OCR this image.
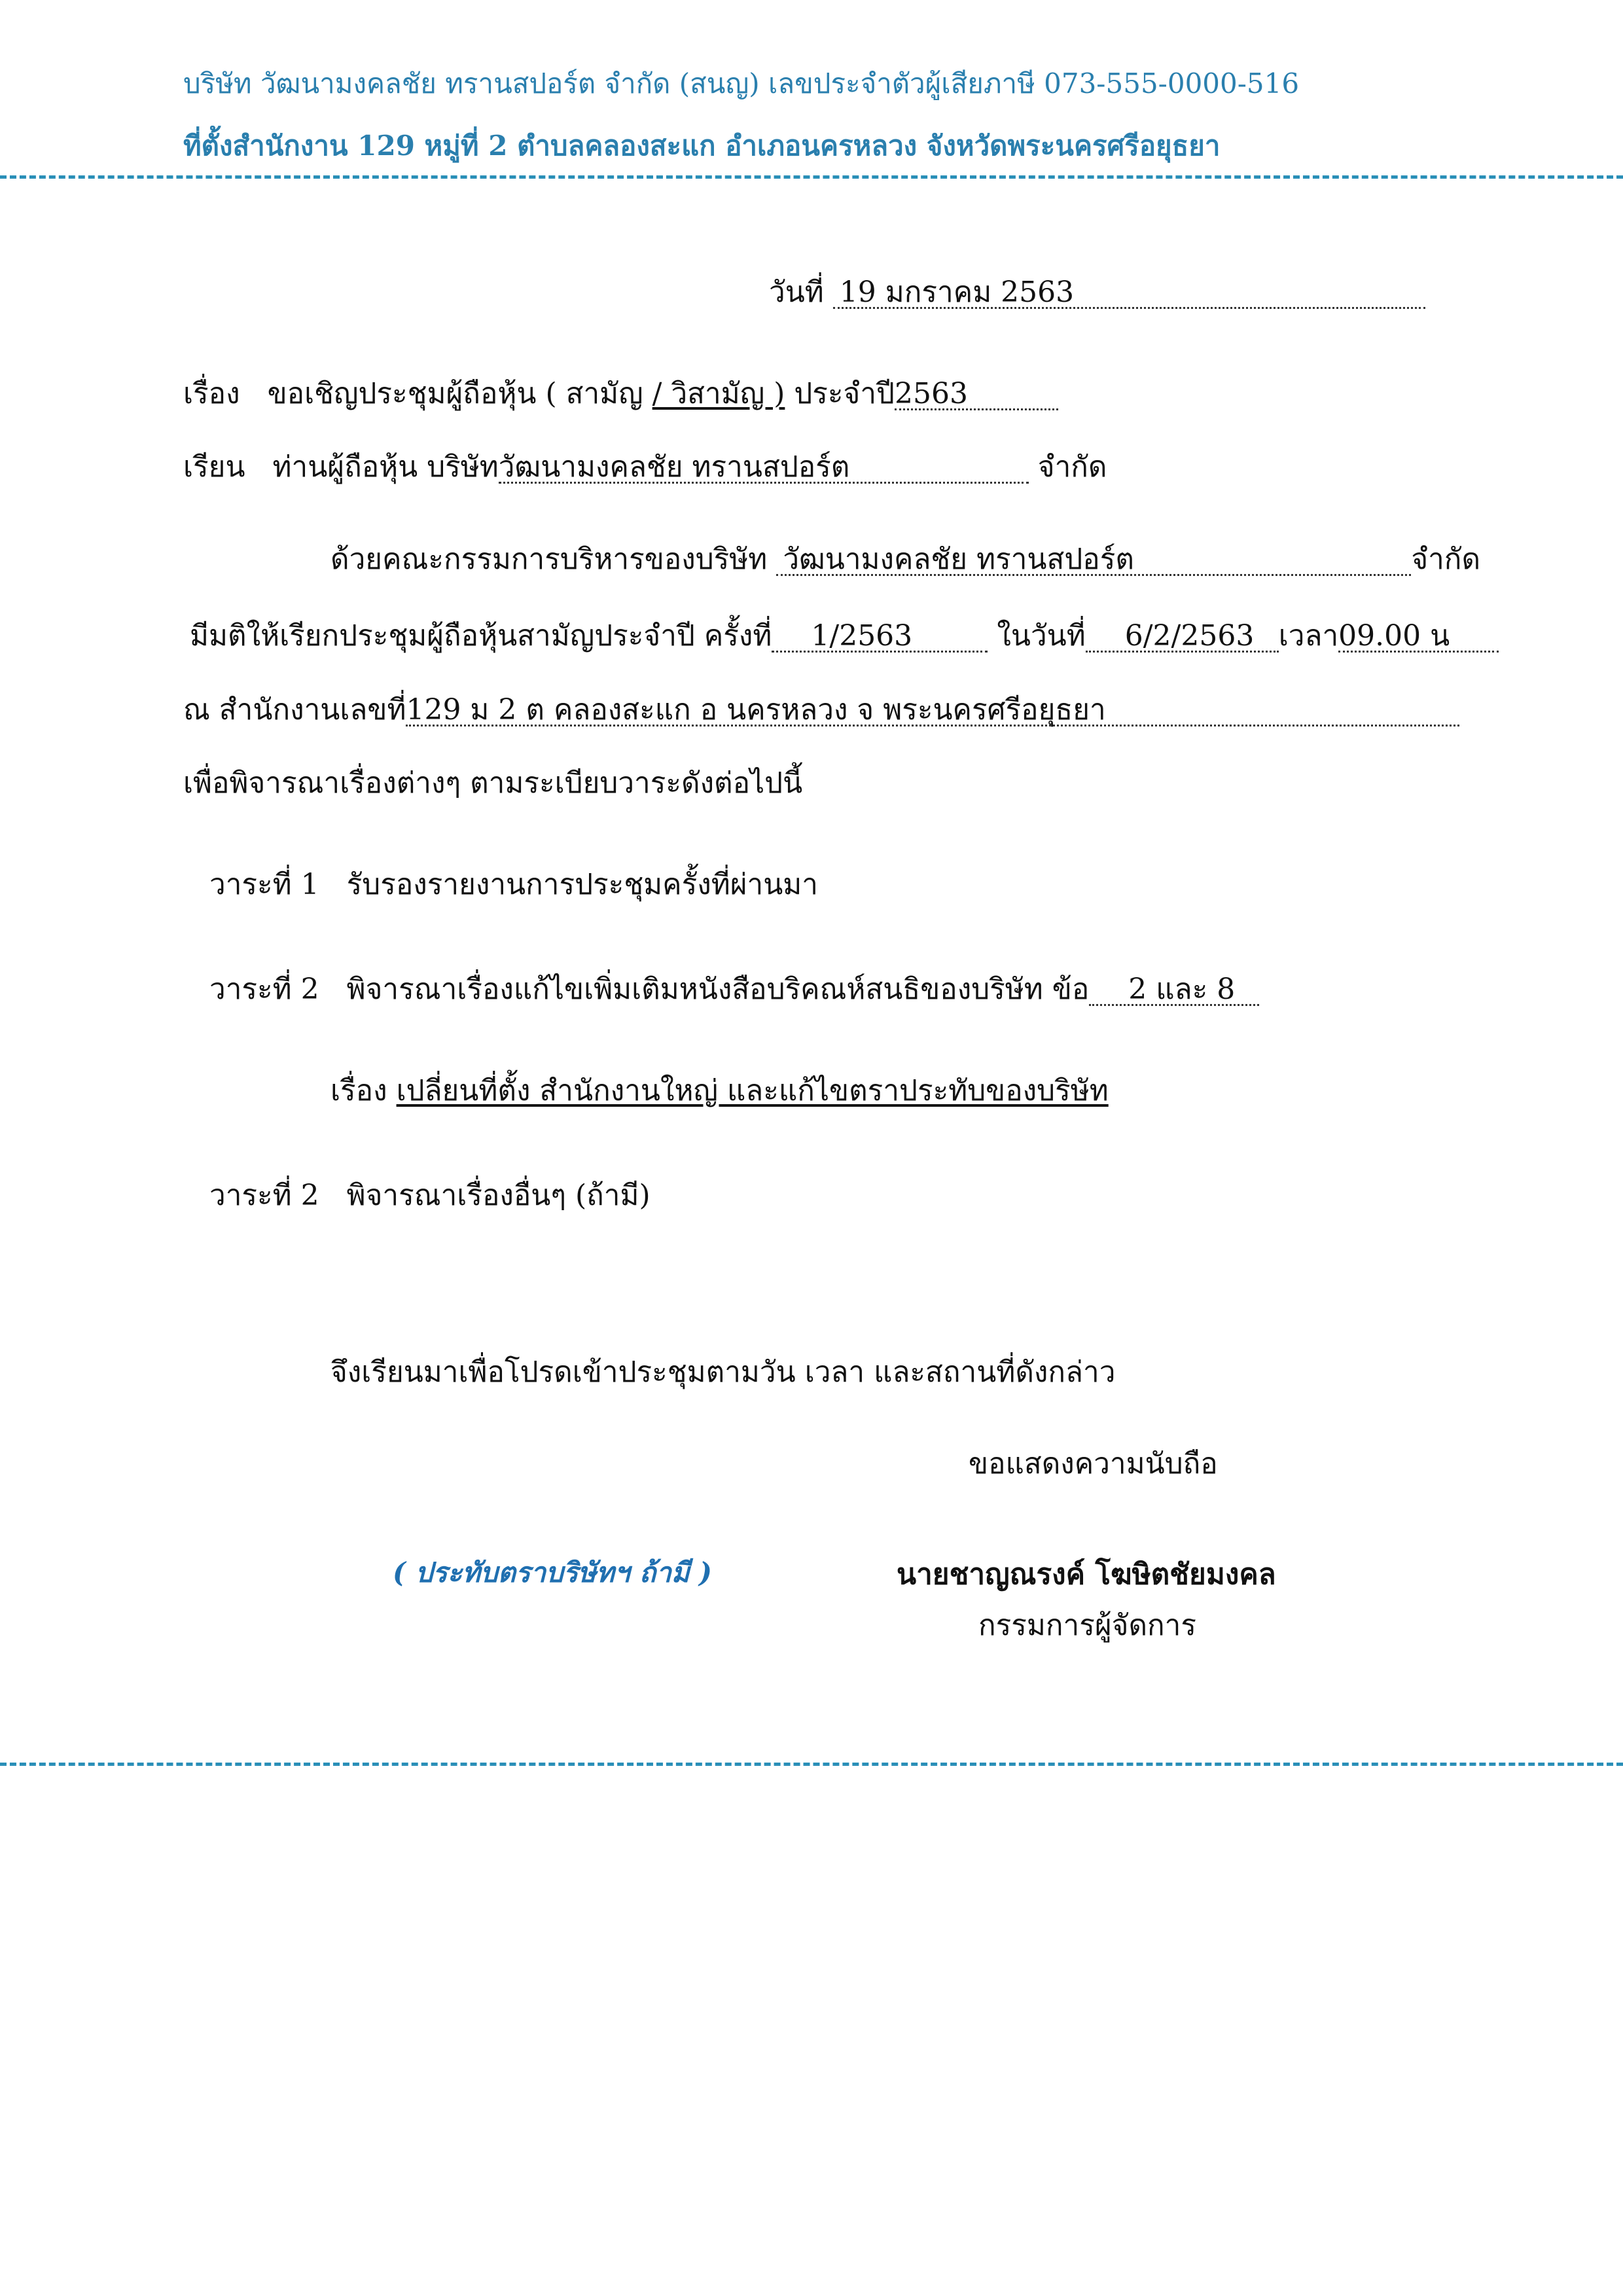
บริษัท วัฒนามงคลชัย ทรานสปอร์ต จำกัด (สนญ) เลขประจำตัวผู้เสียภาษี 073-555-0000-516
ที่ตั้งสำนักงาน 129 หมู่ที่ 2 ตำบลคลองสะแก อำเภอนครหลวง จังหวัดพระนครศรีอยุธยา
วันที่ 19 มกราคม 2563
เรื่อง ขอเชิญประชุมผู้ถือหุ้น ( สามัญ / วิสามัญ ) ประจำปี2563
เรียน ท่านผู้ถือหุ้น บริษัทวัฒนามงคลชัย ทรานสปอร์ต	จำกัด
ด้วยคณะกรรมการบริหารของบริษัท วัฒนามงคลชัย ทรานสปอร์ต	จำกัด
มีมติให้เรียกประชุมผู้ถือหุ้นสามัญประจำปี ครั้งที่ 1/2563	ในวันที่ 6/2/2563 เวลา09.00 น
ณ สำนักงานเลขที่129 ม 2 ต คลองสะแก อ นครหลวง จ พระนครศรีอยุธยา
เพื่อพิจารณาเรื่องต่างๆ ตามระเบียบวาระดังต่อไปนี้
วาระที่ 1 รับรองรายงานการประชุมครั้งที่ผ่านมา
วาระที่ 2 พิจารณาเรื่องแก้ไขเพิ่มเติมหนังสือบริคณห์สนธิของบริษัท ข้อ 2 และ 8
เรื่อง เปลี่ยนที่ตั้ง สำนักงานใหญ่ และแก้ไขตราประทับของบริษัท
วาระที่ 2 พิจารณาเรื่องอื่นๆ (ถ้ามี)
จึงเรียนมาเพื่อโปรดเข้าประชุมตามวัน เวลา และสถานที่ดังกล่าว
ขอแสดงความนับถือ
( ประทับตราบริษัทฯ ถ้ามี )	นายชาญณรงค์ โฆษิตชัยมงคล
กรรมการผู้จัดการ
